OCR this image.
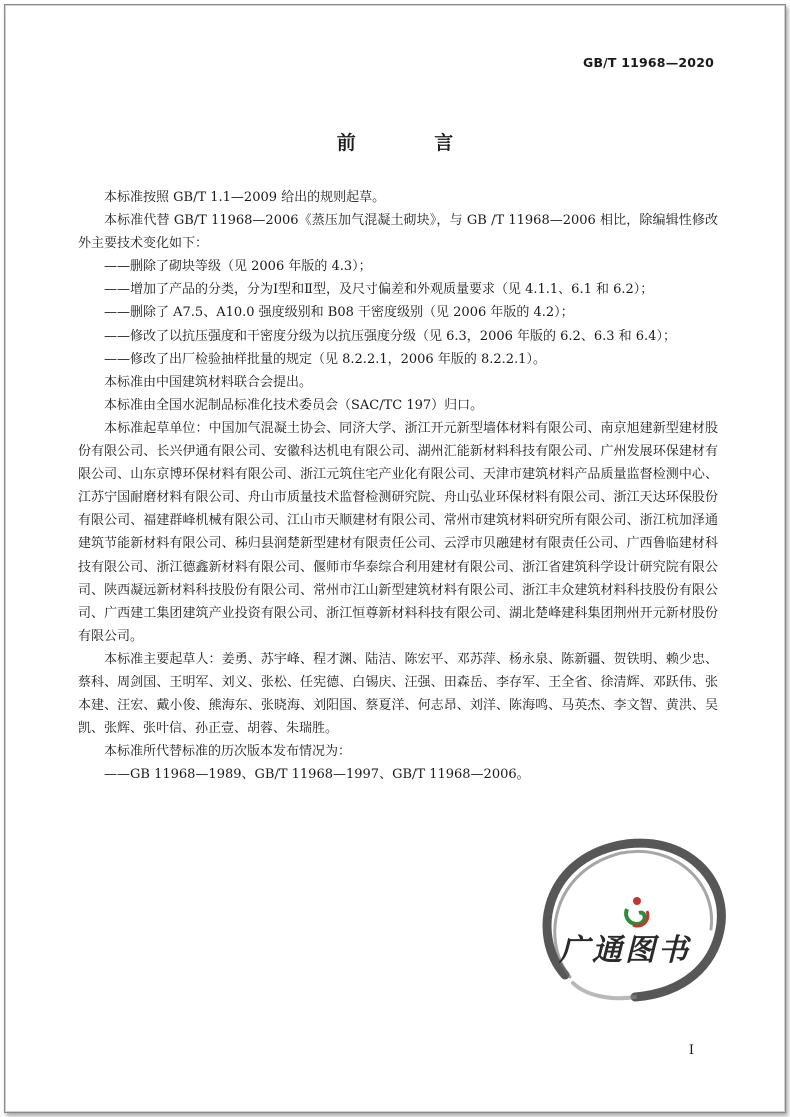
GB/T 11968—2020
前 言

本标准按照 GB/T 1.1—2009 给出的规则起草。

本标准代替 GB/T 11968—2006《蒸压加气混凝土砌块》，与 GB /T 11968—2006 相比，除编辑性修改外主要技术变化如下：

——删除了砌块等级（见 2006 年版的 4.3）；

——增加了产品的分类，分为Ⅰ型和Ⅱ型，及尺寸偏差和外观质量要求（见 4.1.1、6.1 和 6.2）；

——删除了 A7.5、A10.0 强度级别和 B08 干密度级别（见 2006 年版的 4.2）；

——修改了以抗压强度和干密度分级为以抗压强度分级（见 6.3，2006 年版的 6.2、6.3 和 6.4）；

——修改了出厂检验抽样批量的规定（见 8.2.2.1，2006 年版的 8.2.2.1）。

本标准由中国建筑材料联合会提出。

本标准由全国水泥制品标准化技术委员会（SAC/TC 197）归口。

本标准起草单位：中国加气混凝土协会、同济大学、浙江开元新型墙体材料有限公司、南京旭建新型建材股份有限公司、长兴伊通有限公司、安徽科达机电有限公司、湖州汇能新材料科技有限公司、广州发展环保建材有限公司、山东京博环保材料有限公司、浙江元筑住宅产业化有限公司、天津市建筑材料产品质量监督检测中心、江苏宁国耐磨材料有限公司、舟山市质量技术监督检测研究院、舟山弘业环保材料有限公司、浙江天达环保股份有限公司、福建群峰机械有限公司、江山市天顺建材有限公司、常州市建筑材料研究所有限公司、浙江杭加泽通建筑节能新材料有限公司、秭归县润楚新型建材有限责任公司、云浮市贝融建材有限责任公司、广西鲁临建材科技有限公司、浙江德鑫新材料有限公司、偃师市华泰综合利用建材有限公司、浙江省建筑科学设计研究院有限公司、陕西凝远新材料科技股份有限公司、常州市江山新型建筑材料有限公司、浙江丰众建筑材料科技股份有限公司、广西建工集团建筑产业投资有限公司、浙江恒尊新材料科技有限公司、湖北楚峰建科集团荆州开元新材股份有限公司。

本标准主要起草人：姜勇、苏宇峰、程才渊、陆洁、陈宏平、邓苏萍、杨永泉、陈新疆、贺铁明、赖少忠、蔡科、周剑国、王明军、刘义、张松、任宪德、白锡庆、汪强、田森岳、李存军、王全省、徐清辉、邓跃伟、张本建、汪宏、戴小俊、熊海东、张晓海、刘阳国、蔡夏洋、何志昂、刘洋、陈海鸣、马英杰、李文智、黄洪、吴凯、张辉、张叶信、孙正壹、胡蓉、朱瑞胜。

本标准所代替标准的历次版本发布情况为：

——GB 11968—1989、GB/T 11968—1997、GB/T 11968—2006。

广通图书
I
